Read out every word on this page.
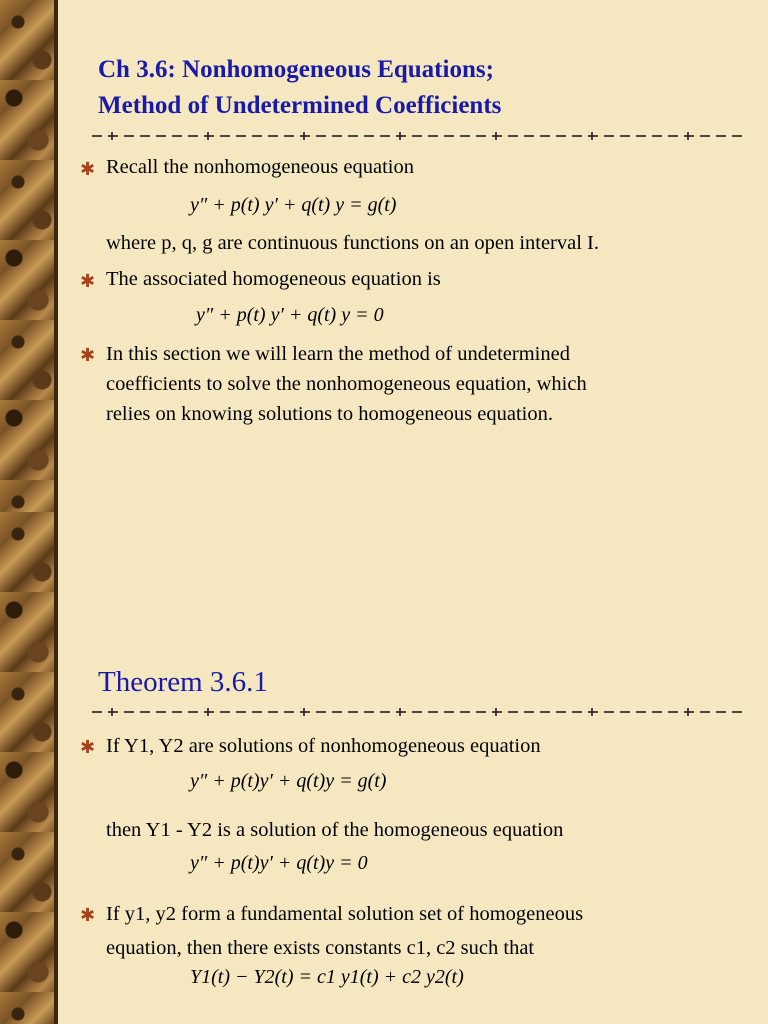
Ch 3.6: Nonhomogeneous Equations;
Method of Undetermined Coefficients
✱ Recall the nonhomogeneous equation
y″ + p(t) y′ + q(t) y = g(t)
where p, q, g are continuous functions on an open interval I.
✱ The associated homogeneous equation is
y″ + p(t) y′ + q(t) y = 0
✱ In this section we will learn the method of undetermined
coefficients to solve the nonhomogeneous equation, which
relies on knowing solutions to homogeneous equation.
Theorem 3.6.1
✱ If Y1, Y2 are solutions of nonhomogeneous equation
y″ + p(t)y′ + q(t)y = g(t)
then Y1 - Y2 is a solution of the homogeneous equation
y″ + p(t)y′ + q(t)y = 0
✱ If y1, y2 form a fundamental solution set of homogeneous
equation, then there exists constants c1, c2 such that
Y1(t) − Y2(t) = c1 y1(t) + c2 y2(t)
